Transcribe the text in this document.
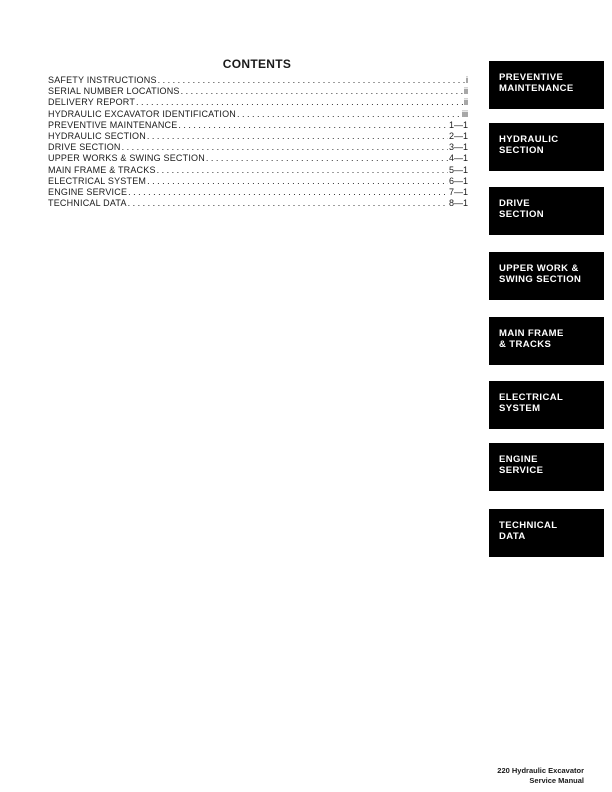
CONTENTS
SAFETY INSTRUCTIONS . . .	i
SERIAL NUMBER LOCATIONS . . .	ii
DELIVERY REPORT . . .	ii
HYDRAULIC EXCAVATOR IDENTIFICATION . . .	iii
PREVENTIVE MAINTENANCE . . .	1—1
HYDRAULIC SECTION . . .	2—1
DRIVE SECTION . . .	3—1
UPPER WORKS & SWING SECTION . . .	4—1
MAIN FRAME & TRACKS . . .	5—1
ELECTRICAL SYSTEM . . .	6—1
ENGINE SERVICE . . .	7—1
TECHNICAL DATA . . .	8—1
PREVENTIVE
MAINTENANCE
HYDRAULIC
SECTION
DRIVE
SECTION
UPPER WORK &
SWING SECTION
MAIN FRAME
& TRACKS
ELECTRICAL
SYSTEM
ENGINE
SERVICE
TECHNICAL
DATA
220 Hydraulic Excavator
Service Manual
